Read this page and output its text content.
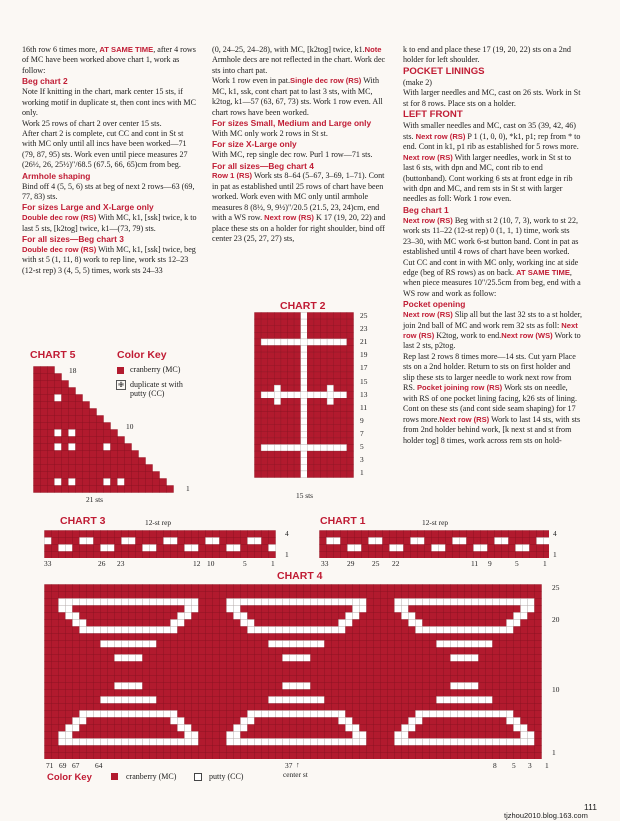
16th row 6 times more, AT SAME TIME, after 4 rows of MC have been worked above chart 1, work as follow:

Beg chart 2

Note If knitting in the chart, mark center 15 sts, if working motif in duplicate st, then cont incs with MC only.

Work 25 rows of chart 2 over center 15 sts.

After chart 2 is complete, cut CC and cont in St st with MC only until all incs have been worked—71 (79, 87, 95) sts. Work even until piece measures 27 (26½, 26, 25½)"/68.5 (67.5, 66, 65)cm from beg.

Armhole shaping

Bind off 4 (5, 5, 6) sts at beg of next 2 rows—63 (69, 77, 83) sts.

For sizes Large and X-Large only

Double dec row (RS) With MC, k1, [ssk] twice, k to last 5 sts, [k2tog] twice, k1—(73, 79) sts.

For all sizes—Beg chart 3

Double dec row (RS) With MC, k1, [ssk] twice, beg with st 5 (1, 11, 8) work to rep line, work sts 12–23 (12-st rep) 3 (4, 5, 5) times, work sts 24–33

(0, 24–25, 24–28), with MC, [k2tog] twice, k1.Note Armhole decs are not reflected in the chart. Work dec sts into chart pat.

Work 1 row even in pat.Single dec row (RS) With MC, k1, ssk, cont chart pat to last 3 sts, with MC, k2tog, k1—57 (63, 67, 73) sts. Work 1 row even. All chart rows have been worked.

For sizes Small, Medium and Large only

With MC only work 2 rows in St st.

For size X-Large only

With MC, rep single dec row. Purl 1 row—71 sts.

For all sizes—Beg chart 4

Row 1 (RS) Work sts 8–64 (5–67, 3–69, 1–71). Cont in pat as established until 25 rows of chart have been worked. Work even with MC only until armhole measures 8 (8½, 9, 9½)"/20.5 (21.5, 23, 24)cm, end with a WS row. Next row (RS) K 17 (19, 20, 22) and place these sts on a holder for right shoulder, bind off center 23 (25, 27, 27) sts,

k to end and place these 17 (19, 20, 22) sts on a 2nd holder for left shoulder.

POCKET LININGS

(make 2)

With larger needles and MC, cast on 26 sts. Work in St st for 8 rows. Place sts on a holder.

LEFT FRONT

With smaller needles and MC, cast on 35 (39, 42, 46) sts. Next row (RS) P 1 (1, 0, 0), *k1, p1; rep from * to end. Cont in k1, p1 rib as established for 5 rows more. Next row (RS) With larger needles, work in St st to last 6 sts, with dpn and MC, cont rib to end (buttonband). Cont working 6 sts at front edge in rib with dpn and MC, and rem sts in St st with larger needles as foll: Work 1 row even.

Beg chart 1

Next row (RS) Beg with st 2 (10, 7, 3), work to st 22, work sts 11–22 (12-st rep) 0 (1, 1, 1) time, work sts 23–30, with MC work 6-st button band. Cont in pat as established until 4 rows of chart have been worked. Cut CC and cont in with MC only, working inc at side edge (beg of RS rows) as on back. AT SAME TIME, when piece measures 10"/25.5cm from beg, end with a WS row and work as follow:

Pocket opening

Next row (RS) Slip all but the last 32 sts to a st holder, join 2nd ball of MC and work rem 32 sts as foll: Next row (RS) K2tog, work to end.Next row (WS) Work to last 2 sts, p2tog.

Rep last 2 rows 8 times more—14 sts. Cut yarn Place sts on a 2nd holder. Return to sts on first holder and slip these sts to larger needle to work next row from RS. Pocket joining row (RS) Work sts on needle, with RS of one pocket lining facing, k26 sts of lining. Cont on these sts (and cont side seam shaping) for 17 rows more.Next row (RS) Work to last 14 sts, with sts from 2nd holder behind work, [k next st and st from holder tog] 8 times, work across rem sts on hold-

CHART 5
18
10
1
21 sts
Color Key
cranberry (MC)
✙ duplicate st with putty (CC)
CHART 2
15 sts
CHART 3	12-st rep
4
1
CHART 1	12-st rep
4
1
CHART 4
Color Key	cranberry (MC)	putty (CC)
111
tjzhou2010.blog.163.com
25
23
21
19
17
15
13
11
9
7
5
3
1
33	26 23	12 10	5	1	33	29 25 22	11 9	5	1
25
20
10
1
71 69 67 64	8 5 3 1
37 ↑
center st
